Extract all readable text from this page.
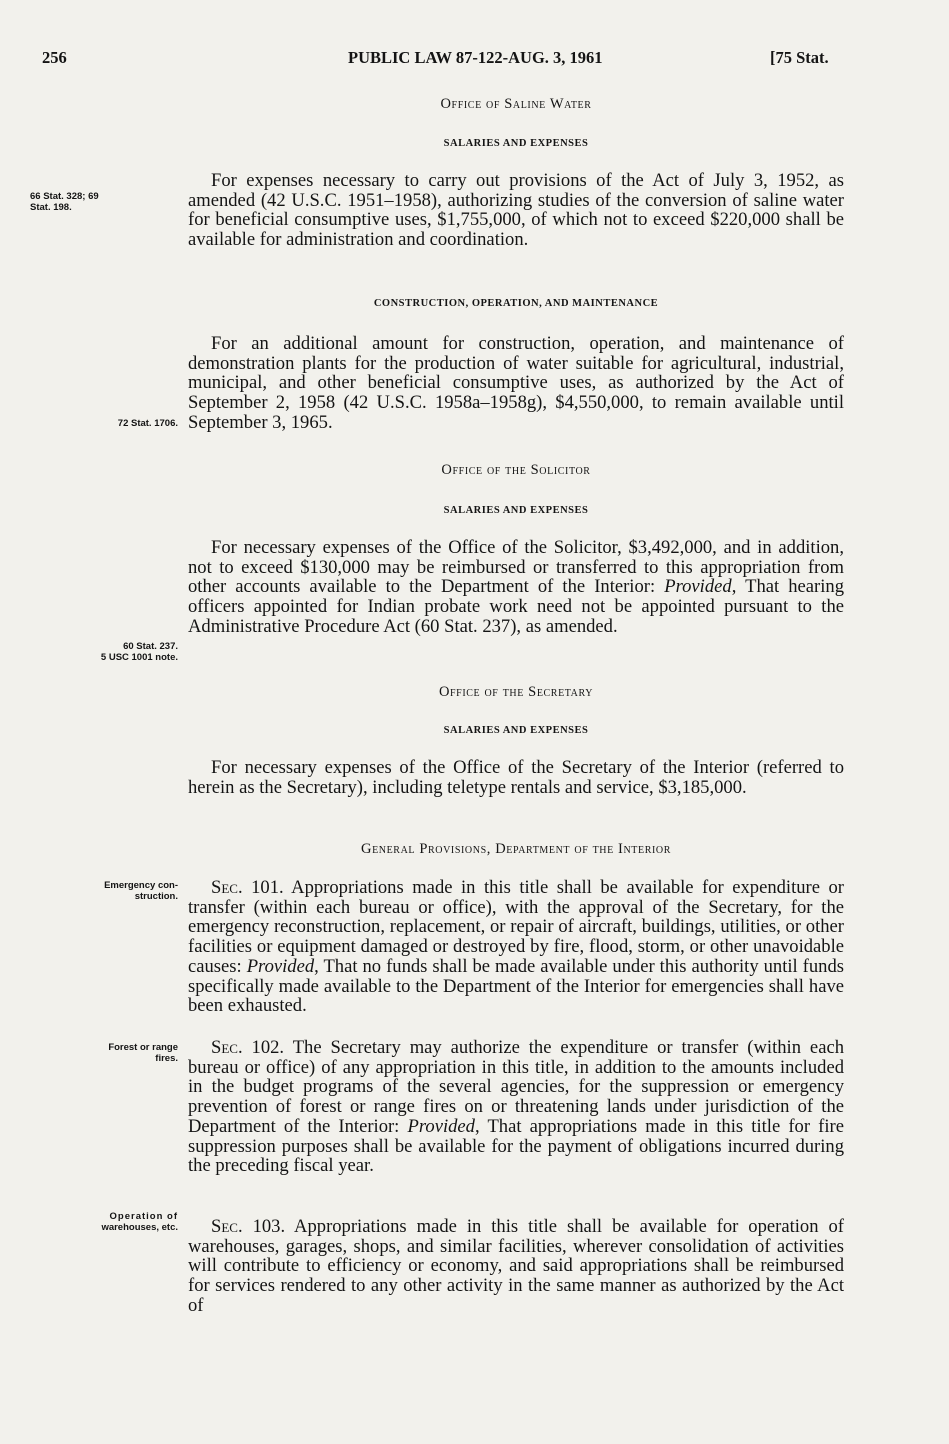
256	PUBLIC LAW 87-122-AUG. 3, 1961	[75 Stat.
Office of Saline Water
SALARIES AND EXPENSES

For expenses necessary to carry out provisions of the Act of July 3, 1952, as amended (42 U.S.C. 1951–1958), authorizing studies of the conversion of saline water for beneficial consumptive uses, $1,755,000, of which not to exceed $220,000 shall be available for administration and coordination.

CONSTRUCTION, OPERATION, AND MAINTENANCE

For an additional amount for construction, operation, and maintenance of demonstration plants for the production of water suitable for agricultural, industrial, municipal, and other beneficial consumptive uses, as authorized by the Act of September 2, 1958 (42 U.S.C. 1958a–1958g), $4,550,000, to remain available until September 3, 1965.

Office of the Solicitor
SALARIES AND EXPENSES

For necessary expenses of the Office of the Solicitor, $3,492,000, and in addition, not to exceed $130,000 may be reimbursed or transferred to this appropriation from other accounts available to the Department of the Interior: Provided, That hearing officers appointed for Indian probate work need not be appointed pursuant to the Administrative Procedure Act (60 Stat. 237), as amended.

Office of the Secretary
SALARIES AND EXPENSES

For necessary expenses of the Office of the Secretary of the Interior (referred to herein as the Secretary), including teletype rentals and service, $3,185,000.

General Provisions, Department of the Interior

Sec. 101. Appropriations made in this title shall be available for expenditure or transfer (within each bureau or office), with the approval of the Secretary, for the emergency reconstruction, replacement, or repair of aircraft, buildings, utilities, or other facilities or equipment damaged or destroyed by fire, flood, storm, or other unavoidable causes: Provided, That no funds shall be made available under this authority until funds specifically made available to the Department of the Interior for emergencies shall have been exhausted.

Sec. 102. The Secretary may authorize the expenditure or transfer (within each bureau or office) of any appropriation in this title, in addition to the amounts included in the budget programs of the several agencies, for the suppression or emergency prevention of forest or range fires on or threatening lands under jurisdiction of the Department of the Interior: Provided, That appropriations made in this title for fire suppression purposes shall be available for the payment of obligations incurred during the preceding fiscal year.

Sec. 103. Appropriations made in this title shall be available for operation of warehouses, garages, shops, and similar facilities, wherever consolidation of activities will contribute to efficiency or economy, and said appropriations shall be reimbursed for services rendered to any other activity in the same manner as authorized by the Act of

66 Stat. 328; 69
Stat. 198.
72 Stat. 1706.
60 Stat. 237.
5 USC 1001 note.
Emergency con-
struction.
Forest or range
fires.
Operation of
warehouses, etc.
